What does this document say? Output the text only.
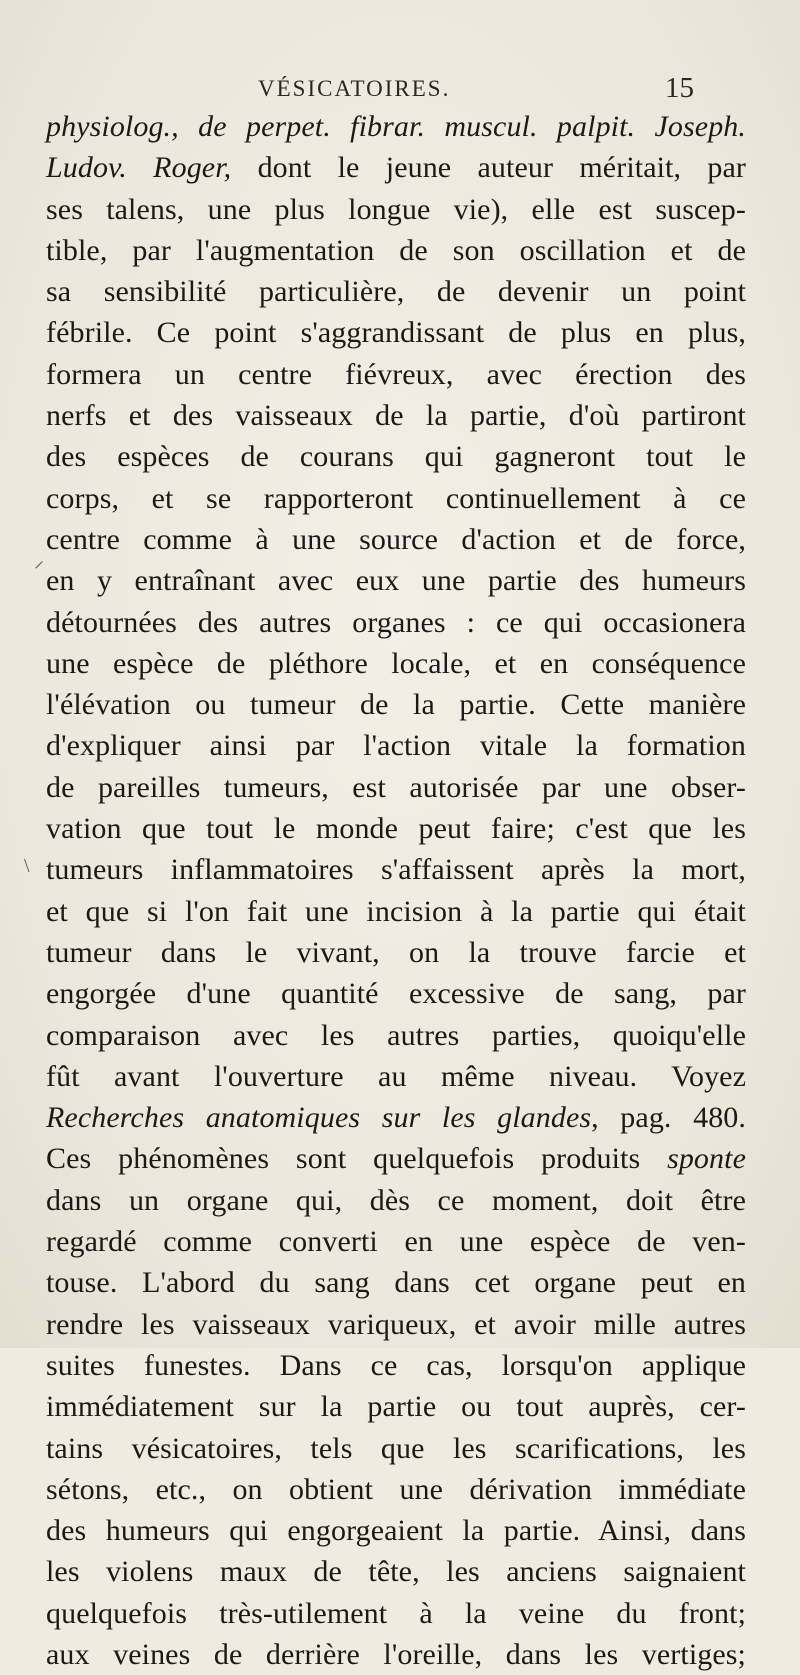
VÉSICATOIRES.	15
⸝
\
physiolog., de perpet. fibrar. muscul. palpit. Joseph.
Ludov. Roger, dont le jeune auteur méritait, par
ses talens, une plus longue vie), elle est suscep-
tible, par l'augmentation de son oscillation et de
sa sensibilité particulière, de devenir un point
fébrile. Ce point s'aggrandissant de plus en plus,
formera un centre fiévreux, avec érection des
nerfs et des vaisseaux de la partie, d'où partiront
des espèces de courans qui gagneront tout le
corps, et se rapporteront continuellement à ce
centre comme à une source d'action et de force,
en y entraînant avec eux une partie des humeurs
détournées des autres organes : ce qui occasionera
une espèce de pléthore locale, et en conséquence
l'élévation ou tumeur de la partie. Cette manière
d'expliquer ainsi par l'action vitale la formation
de pareilles tumeurs, est autorisée par une obser-
vation que tout le monde peut faire; c'est que les
tumeurs inflammatoires s'affaissent après la mort,
et que si l'on fait une incision à la partie qui était
tumeur dans le vivant, on la trouve farcie et
engorgée d'une quantité excessive de sang, par
comparaison avec les autres parties, quoiqu'elle
fût avant l'ouverture au même niveau. Voyez
Recherches anatomiques sur les glandes, pag. 480.
Ces phénomènes sont quelquefois produits sponte
dans un organe qui, dès ce moment, doit être
regardé comme converti en une espèce de ven-
touse. L'abord du sang dans cet organe peut en
rendre les vaisseaux variqueux, et avoir mille autres
suites funestes. Dans ce cas, lorsqu'on applique
immédiatement sur la partie ou tout auprès, cer-
tains vésicatoires, tels que les scarifications, les
sétons, etc., on obtient une dérivation immédiate
des humeurs qui engorgeaient la partie. Ainsi, dans
les violens maux de tête, les anciens saignaient
quelquefois très-utilement à la veine du front;
aux veines de derrière l'oreille, dans les vertiges;
